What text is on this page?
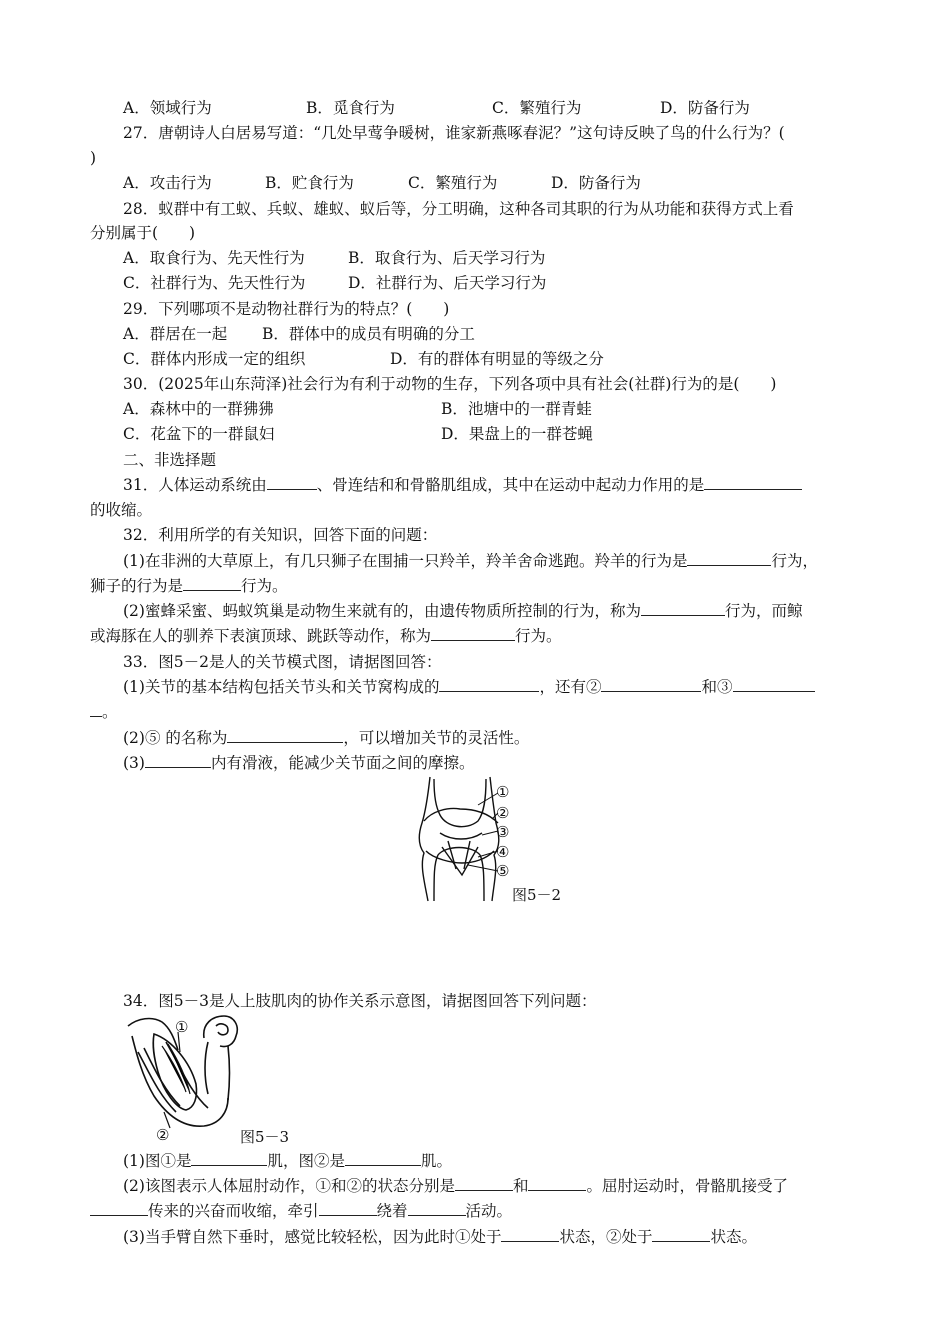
A．领域行为	B．觅食行为	C．繁殖行为	D．防备行为
27．唐朝诗人白居易写道：“几处早莺争暖树，谁家新燕啄春泥？”这句诗反映了鸟的什么行为？(
)
A．攻击行为	B．贮食行为	C．繁殖行为	D．防备行为
28．蚁群中有工蚁、兵蚁、雄蚁、蚁后等，分工明确，这种各司其职的行为从功能和获得方式上看
分别属于(　　)
A．取食行为、先天性行为	B．取食行为、后天学习行为
C．社群行为、先天性行为	D．社群行为、后天学习行为
29．下列哪项不是动物社群行为的特点？(　　)
A．群居在一起 B．群体中的成员有明确的分工
C．群体内形成一定的组织	D．有的群体有明显的等级之分
30．(2025年山东菏泽)社会行为有利于动物的生存，下列各项中具有社会(社群)行为的是(　　)
A．森林中的一群狒狒	B．池塘中的一群青蛙
C．花盆下的一群鼠妇	D．果盘上的一群苍蝇
二、非选择题
31．人体运动系统由	、骨连结和和骨骼肌组成，其中在运动中起动力作用的是
的收缩。
32．利用所学的有关知识，回答下面的问题：
(1)在非洲的大草原上，有几只狮子在围捕一只羚羊，羚羊舍命逃跑。羚羊的行为是	行为，
狮子的行为是	行为。
(2)蜜蜂采蜜、蚂蚁筑巢是动物生来就有的，由遗传物质所控制的行为，称为	行为，而鲸
或海豚在人的驯养下表演顶球、跳跃等动作，称为	行为。
33．图5－2是人的关节模式图，请据图回答：
(1)关节的基本结构包括关节头和关节窝构成的	，还有②	和③
。
(2)⑤ 的名称为	，可以增加关节的灵活性。
(3)	内有滑液，能减少关节面之间的摩擦。
①
②
③
④
⑤
图5－2
34．图5－3是人上肢肌肉的协作关系示意图，请据图回答下列问题：
①
②	图5－3
(1)图①是	肌，图②是	肌。
(2)该图表示人体屈肘动作，①和②的状态分别是	和	。屈肘运动时，骨骼肌接受了
传来的兴奋而收缩，牵引	绕着	活动。
(3)当手臂自然下垂时，感觉比较轻松，因为此时①处于	状态，②处于	状态。
